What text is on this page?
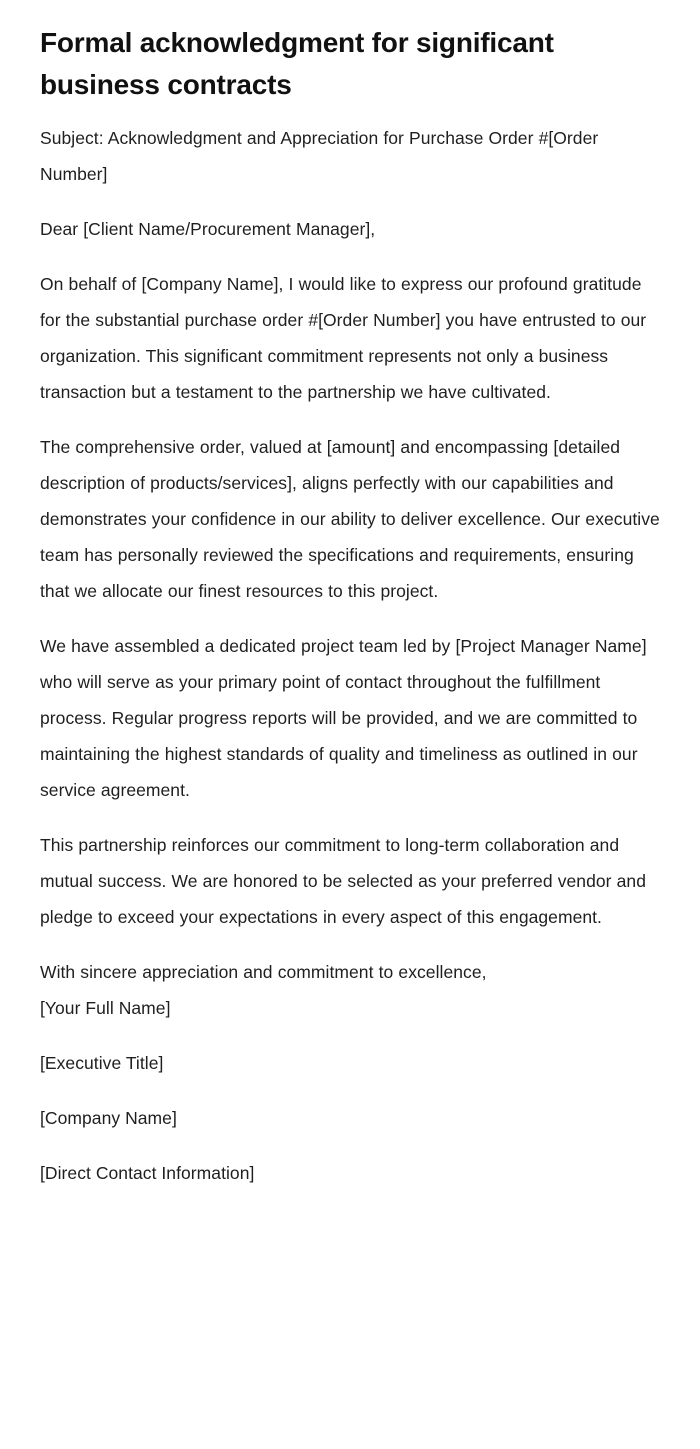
Formal acknowledgment for significant business contracts

Subject: Acknowledgment and Appreciation for Purchase Order #[Order Number]

Dear [Client Name/Procurement Manager],

On behalf of [Company Name], I would like to express our profound gratitude for the substantial purchase order #[Order Number] you have entrusted to our organization. This significant commitment represents not only a business transaction but a testament to the partnership we have cultivated.

The comprehensive order, valued at [amount] and encompassing [detailed description of products/services], aligns perfectly with our capabilities and demonstrates your confidence in our ability to deliver excellence. Our executive team has personally reviewed the specifications and requirements, ensuring that we allocate our finest resources to this project.

We have assembled a dedicated project team led by [Project Manager Name] who will serve as your primary point of contact throughout the fulfillment process. Regular progress reports will be provided, and we are committed to maintaining the highest standards of quality and timeliness as outlined in our service agreement.

This partnership reinforces our commitment to long-term collaboration and mutual success. We are honored to be selected as your preferred vendor and pledge to exceed your expectations in every aspect of this engagement.

With sincere appreciation and commitment to excellence,

[Your Full Name]

[Executive Title]

[Company Name]

[Direct Contact Information]
